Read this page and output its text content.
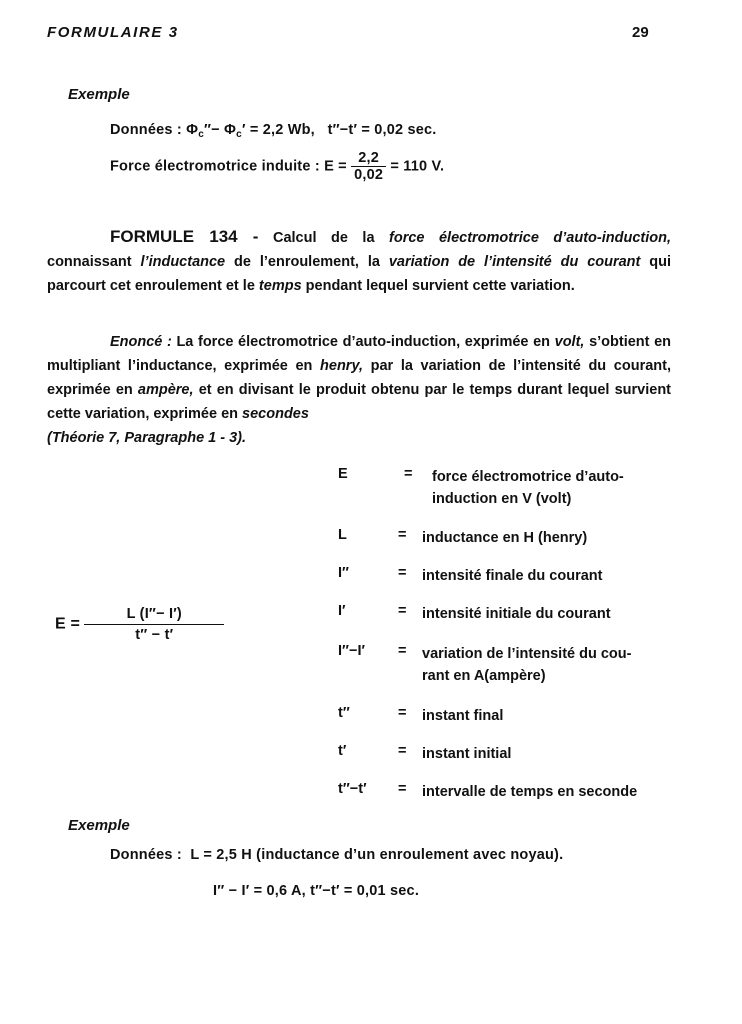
FORMULAIRE 3	29
Exemple
Données : $\Phi_c''- \Phi_c' = 2,2$ Wb, t″−t′ = 0,02 sec.
Force électromotrice induite : $E = \frac{2,2}{0,02} = 110$ V.
FORMULE 134 - Calcul de la force électromotrice d’auto-induction, connaissant l’inductance de l’enroulement, la variation de l’intensité du courant qui parcourt cet enroulement et le temps pendant lequel survient cette variation.
Enoncé : La force électromotrice d’auto-induction, exprimée en volt, s’obtient en multipliant l’inductance, exprimée en henry, par la variation de l’intensité du courant, exprimée en ampère, et en divisant le produit obtenu par le temps durant lequel survient cette variation, exprimée en secondes
(Théorie 7, Paragraphe 1 - 3).
$E = \frac{L (I''- I')}{t'' - t'}$
E	= force électromotrice d’auto-
induction en V (volt)
L	= inductance en H (henry)
I″	= intensité finale du courant
I′	= intensité initiale du courant
I″−I′ = variation de l’intensité du cou-
rant en A(ampère)
t″	= instant final
t′	= instant initial
t″−t′ = intervalle de temps en seconde
Exemple
Données : L = 2,5 H (inductance d’un enroulement avec noyau).
I″ − I′ = 0,6 A, t″−t′ = 0,01 sec.
